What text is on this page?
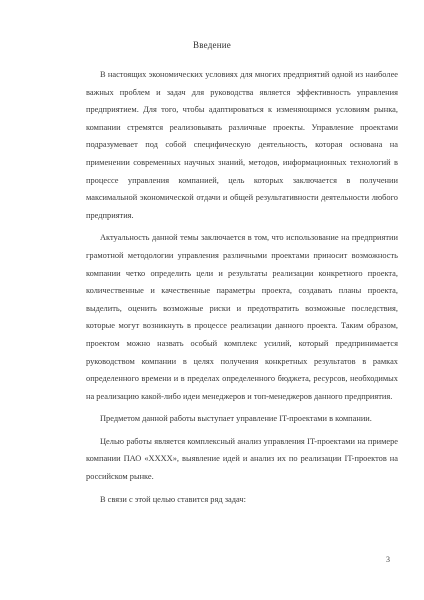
Введение

В настоящих экономических условиях для многих предприятий одной из наиболее важных проблем и задач для руководства является эффективность управления предприятием. Для того, чтобы адаптироваться к изменяющимся условиям рынка, компании стремятся реализовывать различные проекты. Управление проектами подразумевает под собой специфическую деятельность, которая основана на применении современных научных знаний, методов, информационных технологий в процессе управления компанией, цель которых заключается в получении максимальной экономической отдачи и общей результативности деятельности любого предприятия.

Актуальность данной темы заключается в том, что использование на предприятии грамотной методологии управления различными проектами приносит возможность компании четко определить цели и результаты реализации конкретного проекта, количественные и качественные параметры проекта, создавать планы проекта, выделить, оценить возможные риски и предотвратить возможные последствия, которые могут возникнуть в процессе реализации данного проекта. Таким образом, проектом можно назвать особый комплекс усилий, который предпринимается руководством компании в целях получения конкретных результатов в рамках определенного времени и в пределах определенного бюджета, ресурсов, необходимых на реализацию какой-либо идеи менеджеров и топ-менеджеров данного предприятия.

Предметом данной работы выступает управление IT-проектами в компании.

Целью работы является комплексный анализ управления IT-проектами на примере компании ПАО «ХХХХ», выявление идей и анализ их по реализации IT-проектов на российском рынке.

В связи с этой целью ставится ряд задач:

3
